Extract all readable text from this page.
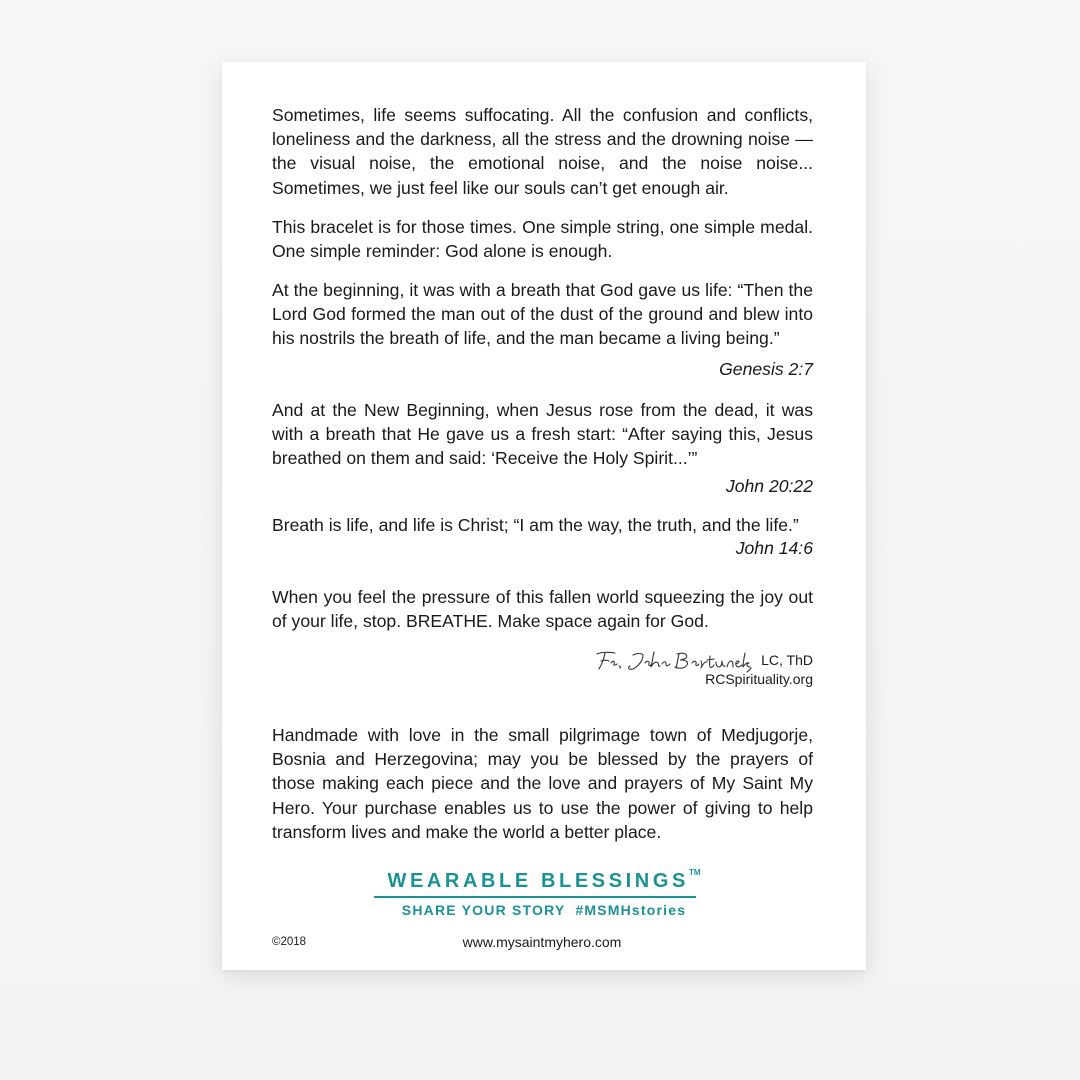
Sometimes, life seems suffocating. All the confusion and conflicts, loneliness and the darkness, all the stress and the drowning noise —the visual noise, the emotional noise, and the noise noise... Sometimes, we just feel like our souls can’t get enough air.
This bracelet is for those times. One simple string, one simple medal. One simple reminder: God alone is enough.
At the beginning, it was with a breath that God gave us life: “Then the Lord God formed the man out of the dust of the ground and blew into his nostrils the breath of life, and the man became a living being.”
Genesis 2:7
And at the New Beginning, when Jesus rose from the dead, it was with a breath that He gave us a fresh start: “After saying this, Jesus breathed on them and said: ‘Receive the Holy Spirit...’”
John 20:22
Breath is life, and life is Christ; “I am the way, the truth, and the life.”
John 14:6
When you feel the pressure of this fallen world squeezing the joy out of your life, stop. BREATHE. Make space again for God.
LC, ThD
RCSpirituality.org
Handmade with love in the small pilgrimage town of Medjugorje, Bosnia and Herzegovina; may you be blessed by the prayers of those making each piece and the love and prayers of My Saint My Hero. Your purchase enables us to use the power of giving to help transform lives and make the world a better place.
WEARABLE BLESSINGS™
SHARE YOUR STORY  #MSMHstories
©2018	www.mysaintmyhero.com
